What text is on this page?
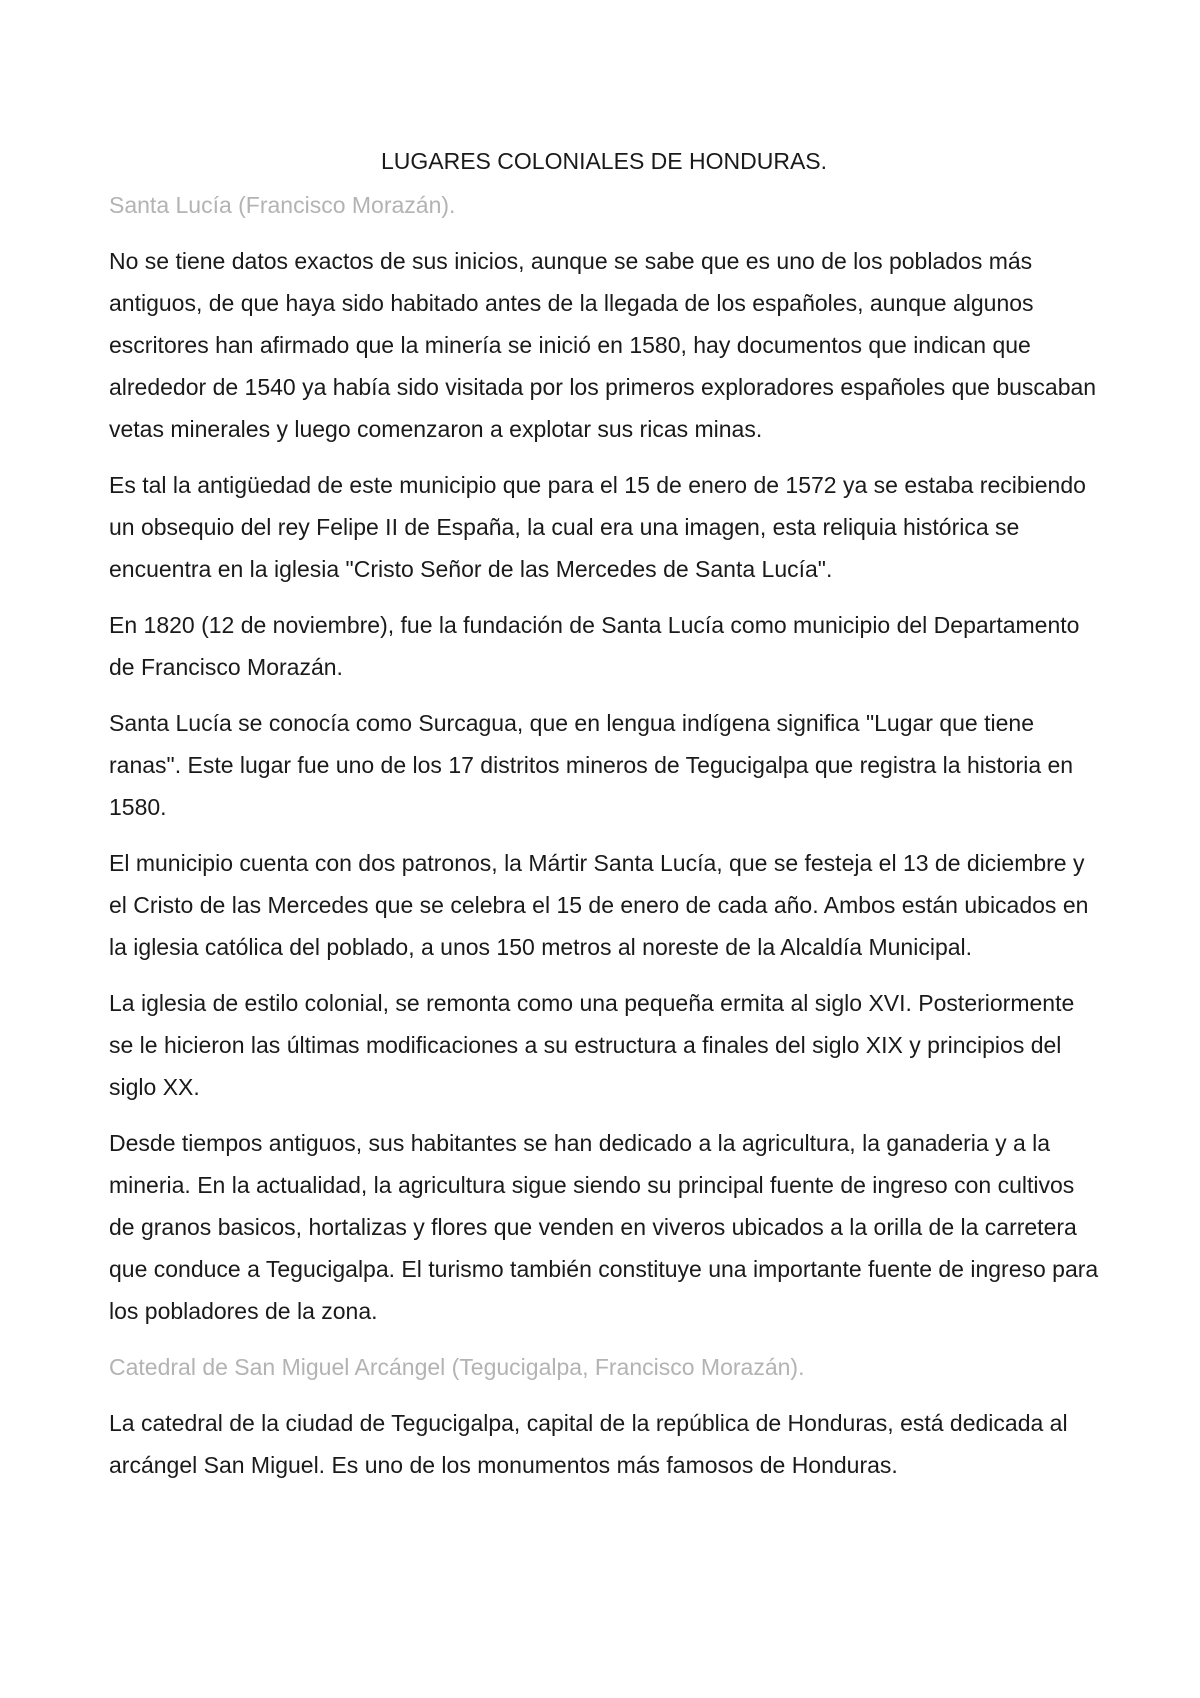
LUGARES COLONIALES DE HONDURAS.
Santa Lucía (Francisco Morazán).

No se tiene datos exactos de sus inicios, aunque se sabe que es uno de los poblados más antiguos, de que haya sido habitado antes de la llegada de los españoles, aunque algunos escritores han afirmado que la minería se inició en 1580, hay documentos que indican que alrededor de 1540 ya había sido visitada por los primeros exploradores españoles que buscaban vetas minerales y luego comenzaron a explotar sus ricas minas.

Es tal la antigüedad de este municipio que para el 15 de enero de 1572 ya se estaba recibiendo un obsequio del rey Felipe II de España, la cual era una imagen, esta reliquia histórica se encuentra en la iglesia "Cristo Señor de las Mercedes de Santa Lucía".

En 1820 (12 de noviembre), fue la fundación de Santa Lucía como municipio del Departamento de Francisco Morazán.

Santa Lucía se conocía como Surcagua, que en lengua indígena significa "Lugar que tiene ranas". Este lugar fue uno de los 17 distritos mineros de Tegucigalpa que registra la historia en 1580.

El municipio cuenta con dos patronos, la Mártir Santa Lucía, que se festeja el 13 de diciembre y el Cristo de las Mercedes que se celebra el 15 de enero de cada año. Ambos están ubicados en la iglesia católica del poblado, a unos 150 metros al noreste de la Alcaldía Municipal.

La iglesia de estilo colonial, se remonta como una pequeña ermita al siglo XVI. Posteriormente se le hicieron las últimas modificaciones a su estructura a finales del siglo XIX y principios del siglo XX.

Desde tiempos antiguos, sus habitantes se han dedicado a la agricultura, la ganaderia y a la mineria. En la actualidad, la agricultura sigue siendo su principal fuente de ingreso con cultivos de granos basicos, hortalizas y flores que venden en viveros ubicados a la orilla de la carretera que conduce a Tegucigalpa. El turismo también constituye una importante fuente de ingreso para los pobladores de la zona.

Catedral de San Miguel Arcángel (Tegucigalpa, Francisco Morazán).

La catedral de la ciudad de Tegucigalpa, capital de la república de Honduras, está dedicada al arcángel San Miguel. Es uno de los monumentos más famosos de Honduras.
